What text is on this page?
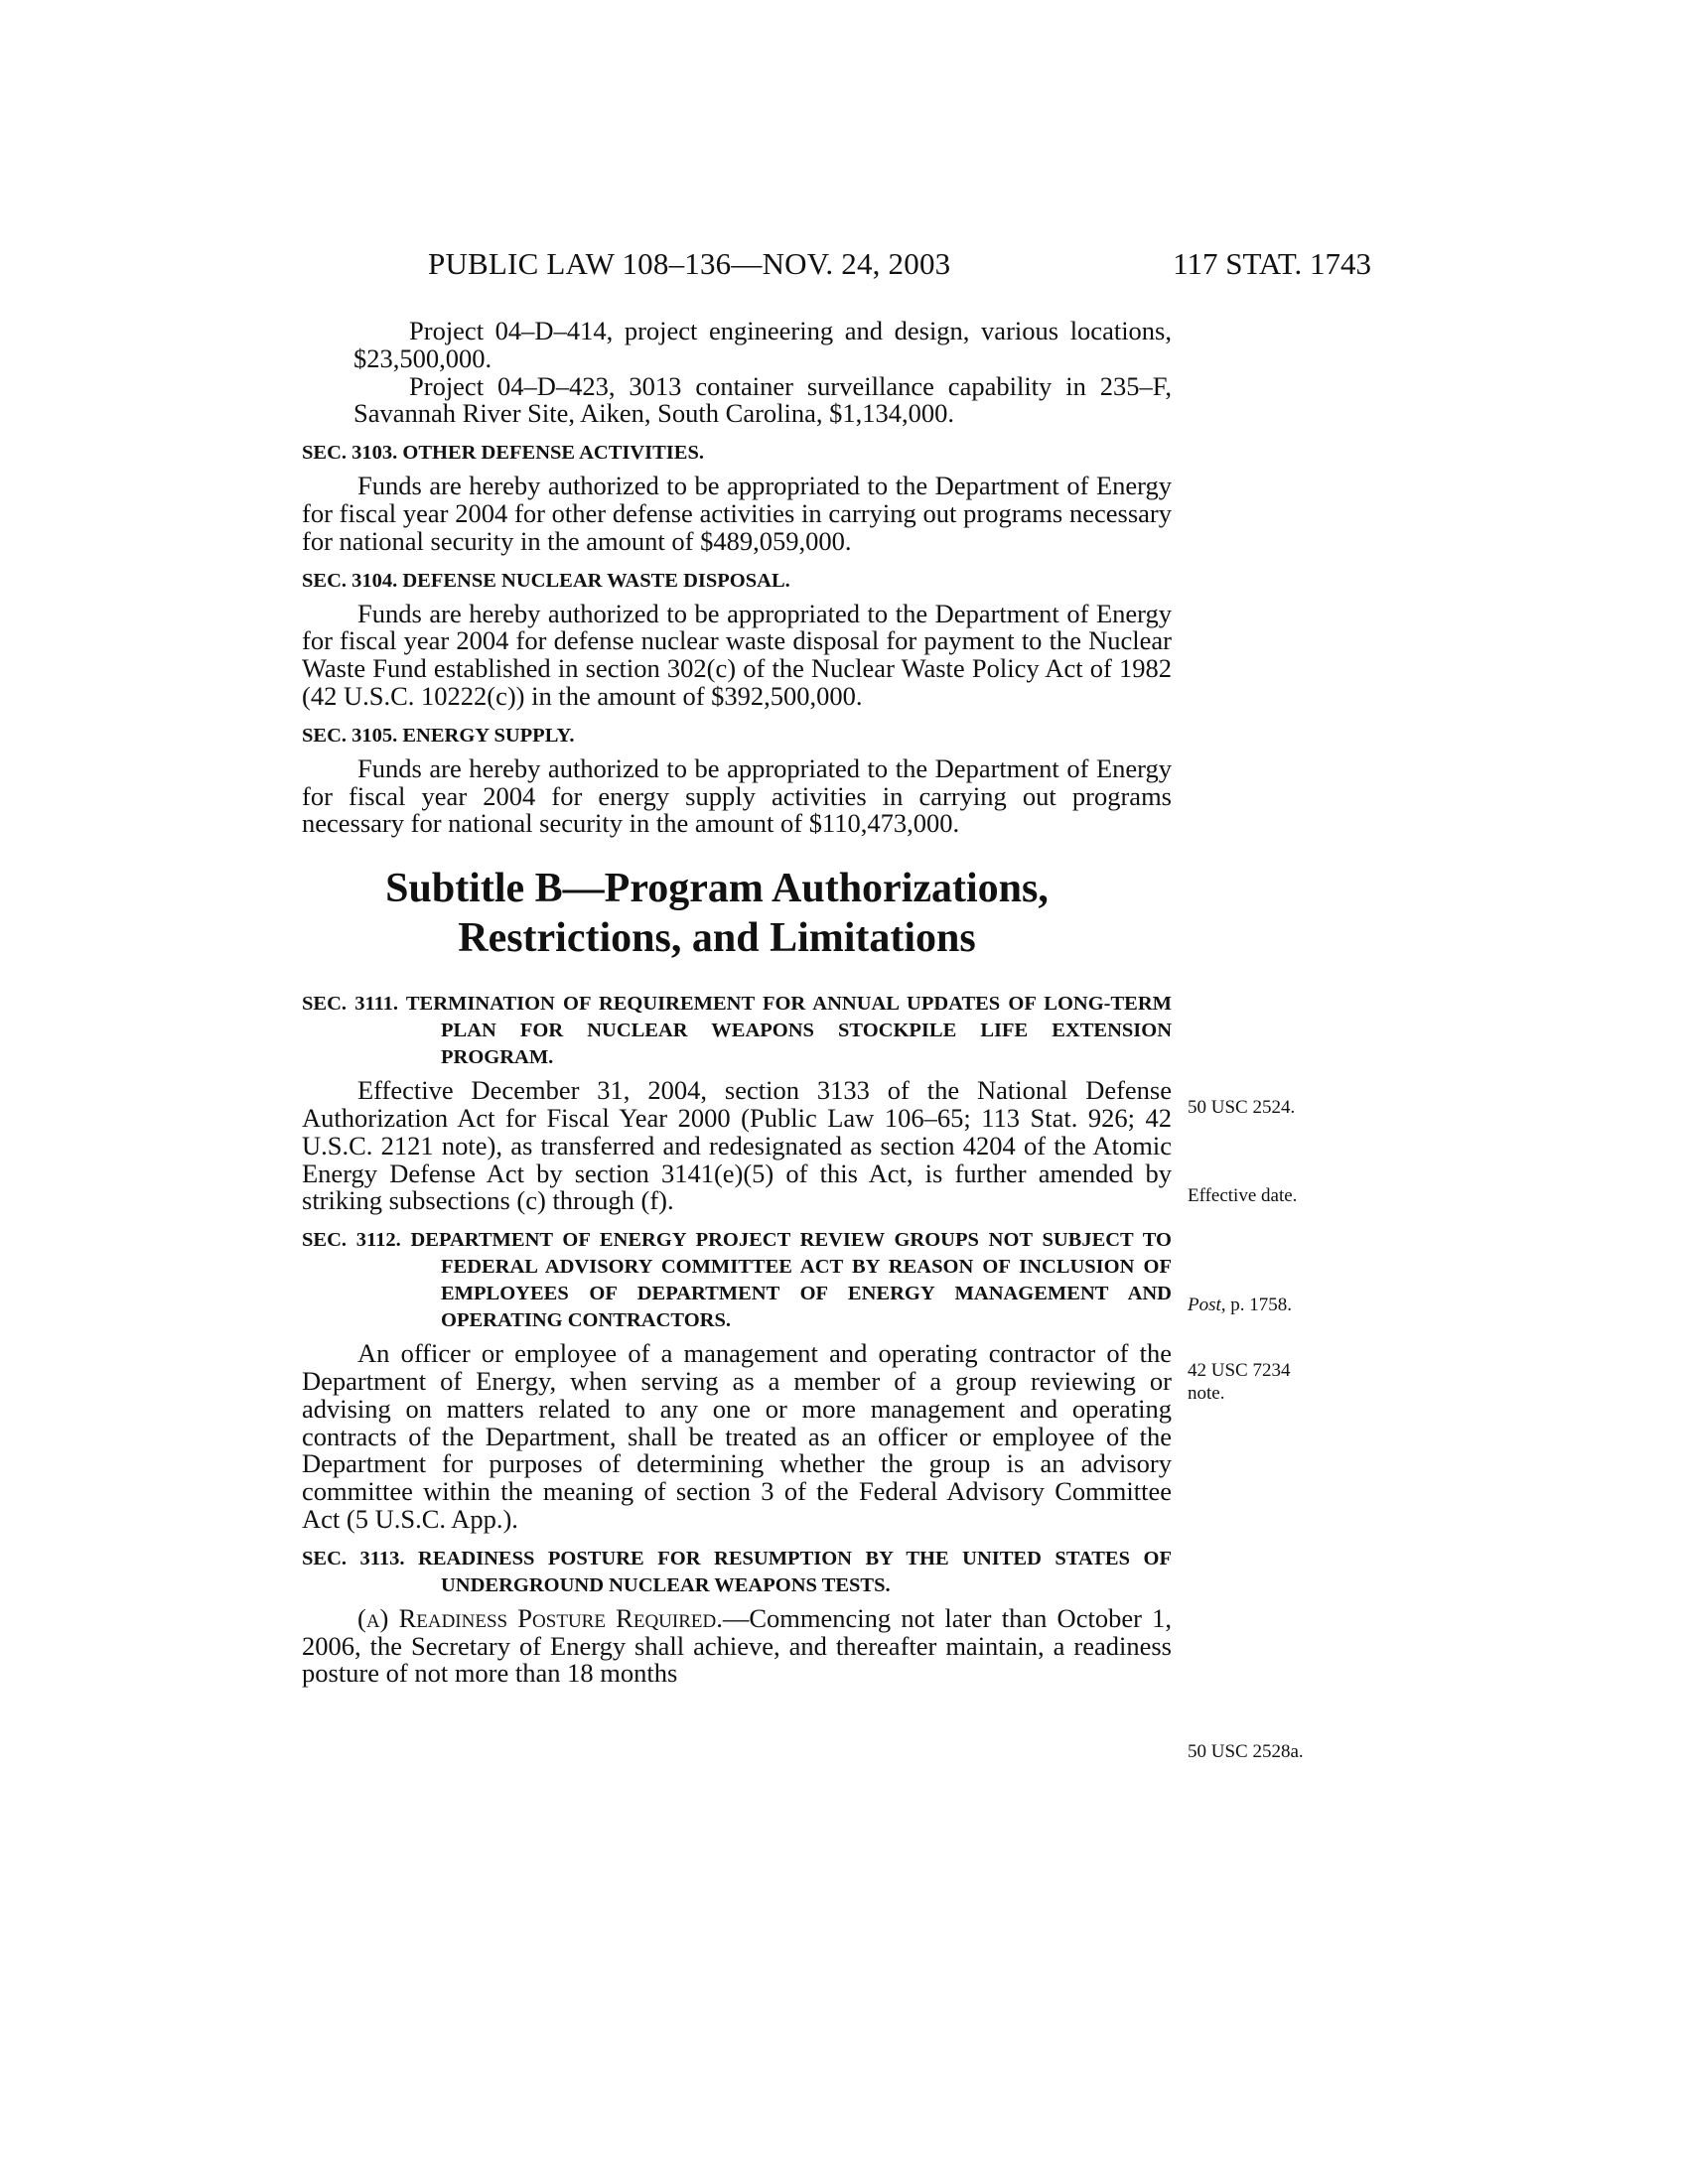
PUBLIC LAW 108–136—NOV. 24, 2003	117 STAT. 1743

Project 04–D–414, project engineering and design, various locations, $23,500,000.

Project 04–D–423, 3013 container surveillance capability in 235–F, Savannah River Site, Aiken, South Carolina, $1,134,000.

SEC. 3103. OTHER DEFENSE ACTIVITIES.

Funds are hereby authorized to be appropriated to the Department of Energy for fiscal year 2004 for other defense activities in carrying out programs necessary for national security in the amount of $489,059,000.

SEC. 3104. DEFENSE NUCLEAR WASTE DISPOSAL.

Funds are hereby authorized to be appropriated to the Department of Energy for fiscal year 2004 for defense nuclear waste disposal for payment to the Nuclear Waste Fund established in section 302(c) of the Nuclear Waste Policy Act of 1982 (42 U.S.C. 10222(c)) in the amount of $392,500,000.

SEC. 3105. ENERGY SUPPLY.

Funds are hereby authorized to be appropriated to the Department of Energy for fiscal year 2004 for energy supply activities in carrying out programs necessary for national security in the amount of $110,473,000.

Subtitle B—Program Authorizations,
Restrictions, and Limitations
SEC. 3111. TERMINATION OF REQUIREMENT FOR ANNUAL UPDATES OF LONG-TERM PLAN FOR NUCLEAR WEAPONS STOCKPILE LIFE EXTENSION PROGRAM.

Effective December 31, 2004, section 3133 of the National Defense Authorization Act for Fiscal Year 2000 (Public Law 106–65; 113 Stat. 926; 42 U.S.C. 2121 note), as transferred and redesignated as section 4204 of the Atomic Energy Defense Act by section 3141(e)(5) of this Act, is further amended by striking subsections (c) through (f).

SEC. 3112. DEPARTMENT OF ENERGY PROJECT REVIEW GROUPS NOT SUBJECT TO FEDERAL ADVISORY COMMITTEE ACT BY REASON OF INCLUSION OF EMPLOYEES OF DEPARTMENT OF ENERGY MANAGEMENT AND OPERATING CONTRACTORS.

An officer or employee of a management and operating contractor of the Department of Energy, when serving as a member of a group reviewing or advising on matters related to any one or more management and operating contracts of the Department, shall be treated as an officer or employee of the Department for purposes of determining whether the group is an advisory committee within the meaning of section 3 of the Federal Advisory Committee Act (5 U.S.C. App.).

SEC. 3113. READINESS POSTURE FOR RESUMPTION BY THE UNITED STATES OF UNDERGROUND NUCLEAR WEAPONS TESTS.

(a) Readiness Posture Required.—Commencing not later than October 1, 2006, the Secretary of Energy shall achieve, and thereafter maintain, a readiness posture of not more than 18 months

50 USC 2524.
Effective date.
Post, p. 1758.
42 USC 7234
note.
50 USC 2528a.
